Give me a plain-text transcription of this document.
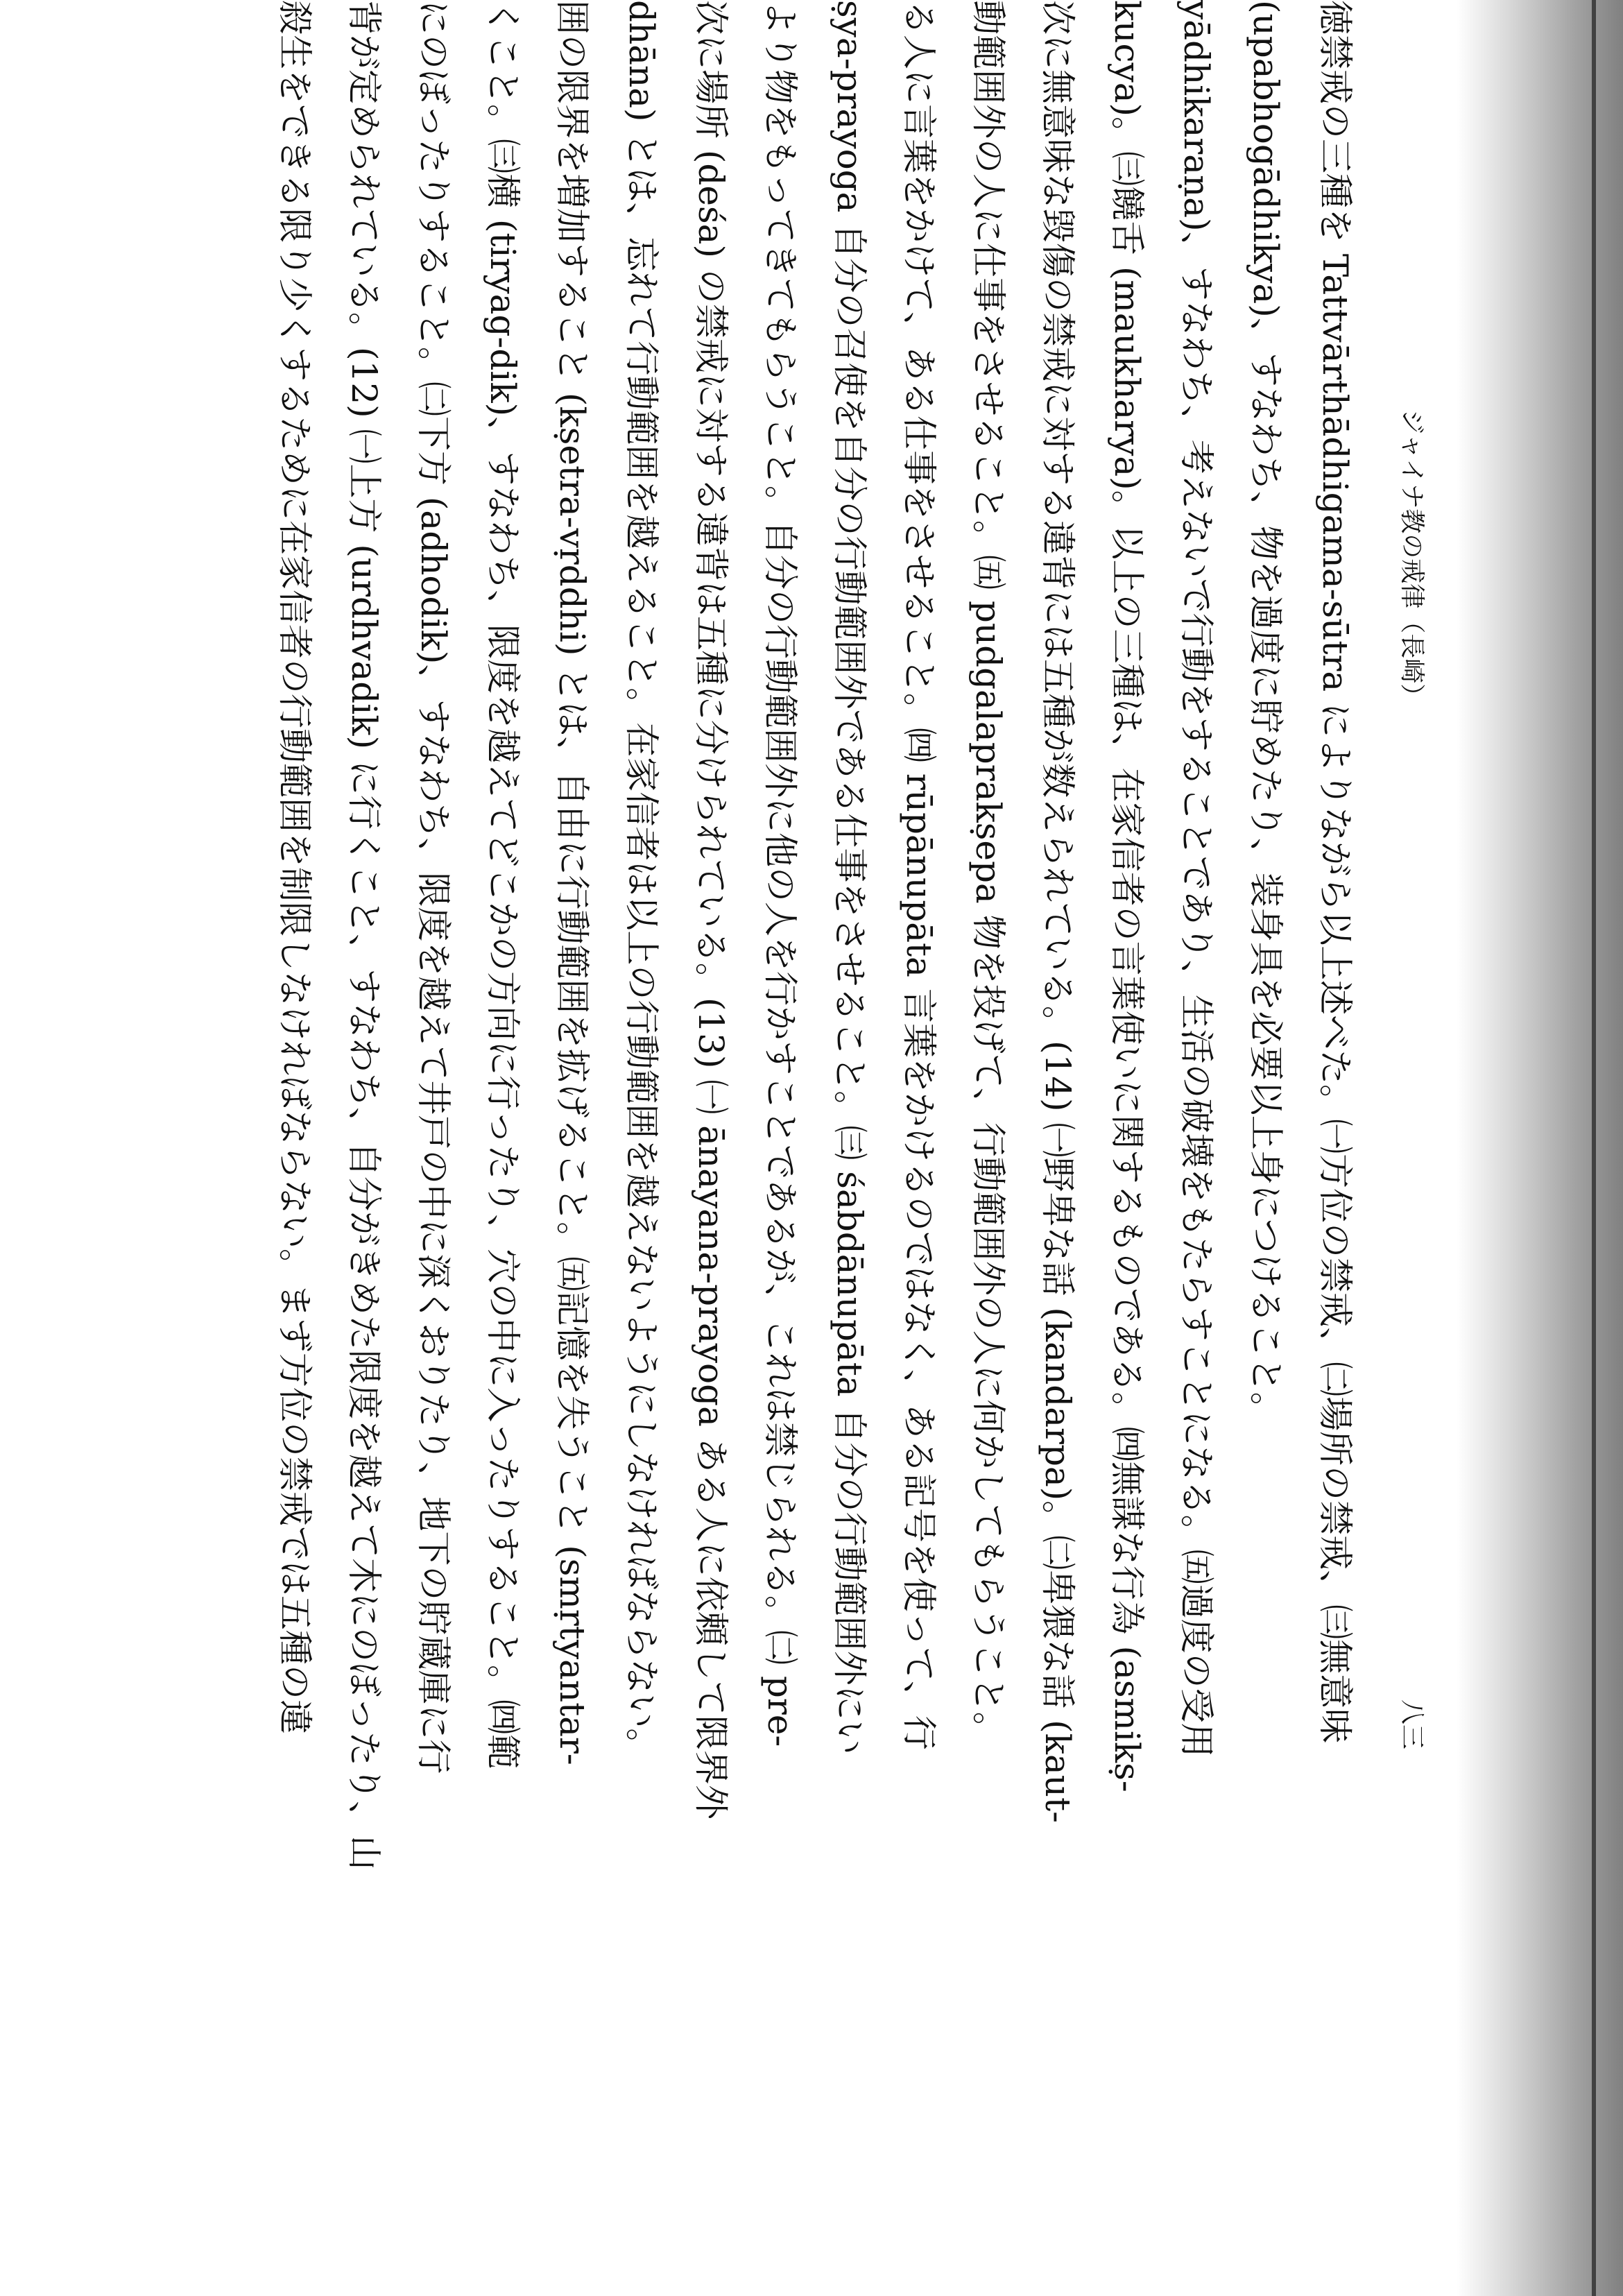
殺生をできる限り少くするために在家信者の行動範囲を制限しなければならない。まず方位の禁戒では五種の違 背が定められている。(12) ㈠上方 (urdhvadik) に行くこと、すなわち、自分がきめた限度を越えて木にのぼったり、山 にのぼったりすること。㈡下方 (adhodik)、すなわち、限度を越えて井戸の中に深くおりたり、地下の貯蔵庫に行 くこと。㈢横 (tiryag-dik)、すなわち、限度を越えてどこかの方向に行ったり、穴の中に入ったりすること。㈣範 囲の限界を増加すること (kṣetra-vṛddhi) とは、自由に行動範囲を拡げること。㈤記憶を失うこと (smṛtyantar- dhāna) とは、忘れて行動範囲を越えること。在家信者は以上の行動範囲を越えないようにしなければならない。 次に場所 (deśa) の禁戒に対する違背は五種に分けられている。(13) ㈠ ānayana-prayoga ある人に依頼して限界外 より物をもってきてもらうこと。自分の行動範囲外に他の人を行かすことであるが、これは禁じられる。㈡ pre- ṣya-prayoga 自分の召使を自分の行動範囲外である仕事をさせること。㈢ śabdānupāta 自分の行動範囲外にい る人に言葉をかけて、ある仕事をさせること。㈣ rūpānupāta 言葉をかけるのではなく、ある記号を使って、行 動範囲外の人に仕事をさせること。㈤ pudgalaprakṣepa 物を投げて、行動範囲外の人に何かしてもらうこと。 次に無意味な毀傷の禁戒に対する違背には五種が数えられている。(14) ㈠野卑な話 (kandarpa)。㈡卑猥な話 (kaut- kucya)。㈢饒舌 (maukharya)。以上の三種は、在家信者の言葉使いに関するものである。㈣無謀な行為 (asmikṣ- yādhikaraṇa)、すなわち、考えないで行動をすることであり、生活の破壊をもたらすことになる。㈤過度の受用 (upabhogādhikya)、すなわち、物を過度に貯めたり、装身具を必要以上身につけること。 徳禁戒の三種を Tattvārthādhigama-sūtra によりながら以上述べた。㈠方位の禁戒、㈡場所の禁戒、㈢無意味 ジャイナ教の戒律（長崎）
八三
